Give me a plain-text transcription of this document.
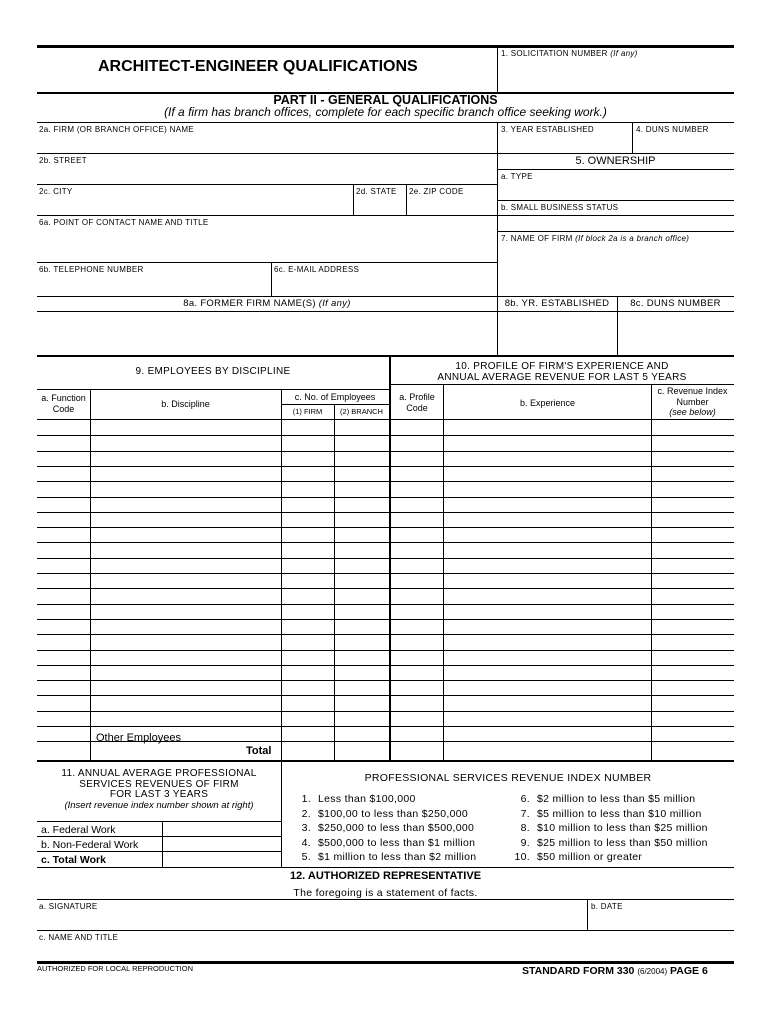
1. SOLICITATION NUMBER (If any)
ARCHITECT-ENGINEER QUALIFICATIONS
PART II - GENERAL QUALIFICATIONS
(If a firm has branch offices, complete for each specific branch office seeking work.)
2a. FIRM (OR BRANCH OFFICE) NAME	3. YEAR ESTABLISHED	4. DUNS NUMBER
2b. STREET	5. OWNERSHIP
a. TYPE
2c. CITY	2d. STATE 2e. ZIP CODE
b. SMALL BUSINESS STATUS
6a. POINT OF CONTACT NAME AND TITLE
7. NAME OF FIRM (If block 2a is a branch office)
6b. TELEPHONE NUMBER	6c. E-MAIL ADDRESS
8a. FORMER FIRM NAME(S) (If any)	8b. YR. ESTABLISHED	8c. DUNS NUMBER
9. EMPLOYEES BY DISCIPLINE	10. PROFILE OF FIRM'S EXPERIENCE AND
ANNUAL AVERAGE REVENUE FOR LAST 5 YEARS
a. Function
Code	b. Discipline
c. No. of Employees
(1) FIRM	(2) BRANCH
a. Profile
Code	b. Experience
c. Revenue Index
Number
(see below)
Other Employees
Total
11. ANNUAL AVERAGE PROFESSIONAL
SERVICES REVENUES OF FIRM
FOR LAST 3 YEARS
(Insert revenue index number shown at right)
a. Federal Work
b. Non-Federal Work
c. Total Work
PROFESSIONAL SERVICES REVENUE INDEX NUMBER
1. Less than $100,000
2. $100,00 to less than $250,000
3. $250,000 to less than $500,000
4. $500,000 to less than $1 million
5. $1 million to less than $2 million
6. $2 million to less than $5 million
7. $5 million to less than $10 million
8. $10 million to less than $25 million
9. $25 million to less than $50 million
10. $50 million or greater
12. AUTHORIZED REPRESENTATIVE
The foregoing is a statement of facts.
a. SIGNATURE	b. DATE
c. NAME AND TITLE
AUTHORIZED FOR LOCAL REPRODUCTION	STANDARD FORM 330 (6/2004) PAGE 6
